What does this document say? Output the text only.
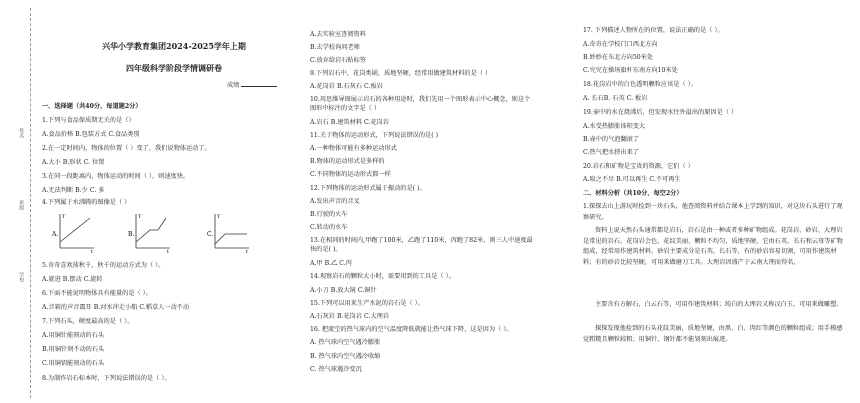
姓名
班级
学校
兴华小学教育集团2024-2025学年上期
四年级科学阶段学情调研卷
成绩
一、选择题（共40分，每道题2分）
1.下列与食品保质期无关的是（）
A.食品价格 B.包装方式 C.食品类别
2.在一定时间内，物体的位置（ ）变了，我们说物体运动了。
A.大小 B.形状 C. 位置
3.在同一段距离内，物体运动的时间（ ），则速度快。
A.无法判断 B.少 C. 多
4.下列属于水沸腾的图像是（ ）
T
t
A.
T
t
B.
T
t
C.
5.奇奇喜欢荡秋千，秋千的运动方式为（ ）。
A.旋进 B.摆动 C.旋转
6.下面不能说明物体具有能量的是（ ）。
A.音箱的声音震耳 B.河水冲走小船 C.稻草人一动不动
7.下列石头，硬度最高的是（ ）。
A.用铜针能刻动的石头
B.用铜针刻不动的石头
C.用铜钥能刻动的石头
8.为制作岩石标本时，下列说法错误的是（ ）。
A.去实验室查阅资料
B.去学校询问老师
C.放弃给岩石贴标签
9.下列岩石中，花岗类剧，质地坚硬，经常用做建筑材料的是（ ）
A.花岗岩 B.石灰石 C.板岩
10.用思维导图展示岩石的各种用途时，我们先用一个图形表示中心概念，则这个
图形中标注的文字是（ ）
A.岩石 B.建筑材料 C.花岗岩
11.关于物体的运动形式，下列说法错误的是( )
A.一种物体可能有多种运动形式
B.物体的运动形式是多样的
C.不同物体的运动形式都一样
12.下列物体的运动形式属于振动的是( )。
A.发出声音的音叉
B.行驶的火车
C.转动的水车
13.在相同的时间内,甲跑了100米，乙跑了110米，丙跑了82米，则三人中速度最
快的是( )。
A.甲 B.乙 C.丙
14.观察岩石的颗粒大小时，需要用到的工具是（ ）。
A.小刀 B.放大镜 C.铜针
15.下列可以用来生产水泥的岩石是（ ）。
A.石灰岩 B.花岗岩 C.大理岩
16. 把流空的热气球内的空气温度降低就能让热气球下降，这是因为（ ）。
A. 热气球内空气遇冷膨胀
B. 热气球内空气遇冷收缩
C. 热气球遇冷变沉
17. 下列描述人物所在的位置，说法正确的是（ ）。
A.奇奇在学校门口西北方向
B.妙妙在东北方向50米处
C.究究在操场旗杆东南方向10米处
18.花岗岩中的白色透明颗粒应该是（ ）。
A. 长石B. 石英 C. 板岩
19.壶中的水在烧沸后，但发现水往外溢出的原因是（ ）
A.水受热膨胀体积变大
B.壶中的气泡翻滚了
C.热气把水挤出来了
20.岩石和矿物是宝贵的资源，它们（ ）
A.取之不尽 B.可以再生 C.不可再生
二、材料分析（共10分，每空2分）
1.探探去山上游玩时捡到一块石头，他查阅资料并结合课本上学到的知识，对这块石头进行了观察研究。
资料上说天然石头通常都是岩石，岩石是由一种或者多种矿物组成。花岗岩、砂岩、大理岩是常见的岩石，花岗岩会色，花纹美丽、颗粒不均匀，质地坚硬，它由石英、长石和云母等矿物组成，经常用作建筑材料。砂岩主要成分是石英、长石等，有的砂岩容易切割，可用作建筑材料；有的砂岩比较坚硬，可用来做磨刀工具。大理岩因盛产于云南大理而得名，
主要含有方解石、白云石等，可用作建筑材料；纯白的大理岩又称汉白玉，可用来做雕塑。
探探发现他捡到的石头花纹美丽，质地坚硬，由黑、白、肉红等颜色的颗粒组成；用手摸感觉粗糙且颗粒较粗；用铜针、钢针都不能划刻出痕迹。
